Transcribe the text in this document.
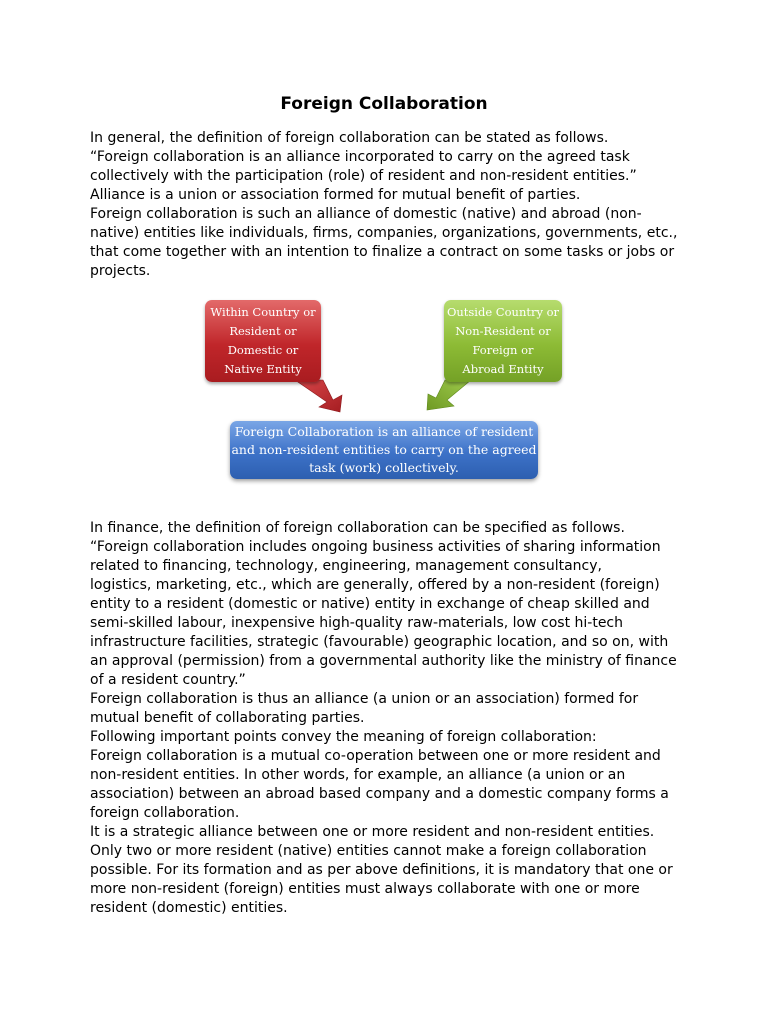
Foreign Collaboration
In general, the definition of foreign collaboration can be stated as follows.
“Foreign collaboration is an alliance incorporated to carry on the agreed task
collectively with the participation (role) of resident and non-resident entities.”
Alliance is a union or association formed for mutual benefit of parties.
Foreign collaboration is such an alliance of domestic (native) and abroad (non-
native) entities like individuals, firms, companies, organizations, governments, etc.,
that come together with an intention to finalize a contract on some tasks or jobs or
projects.
Within Country or
Resident or
Domestic or
Native Entity
Outside Country or
Non-Resident or
Foreign or
Abroad Entity
Foreign Collaboration is an alliance of resident
and non-resident entities to carry on the agreed
task (work) collectively.
In finance, the definition of foreign collaboration can be specified as follows.
“Foreign collaboration includes ongoing business activities of sharing information
related to financing, technology, engineering, management consultancy,
logistics, marketing, etc., which are generally, offered by a non-resident (foreign)
entity to a resident (domestic or native) entity in exchange of cheap skilled and
semi-skilled labour, inexpensive high-quality raw-materials, low cost hi-tech
infrastructure facilities, strategic (favourable) geographic location, and so on, with
an approval (permission) from a governmental authority like the ministry of finance
of a resident country.”
Foreign collaboration is thus an alliance (a union or an association) formed for
mutual benefit of collaborating parties.
Following important points convey the meaning of foreign collaboration:
Foreign collaboration is a mutual co-operation between one or more resident and
non-resident entities. In other words, for example, an alliance (a union or an
association) between an abroad based company and a domestic company forms a
foreign collaboration.
It is a strategic alliance between one or more resident and non-resident entities.
Only two or more resident (native) entities cannot make a foreign collaboration
possible. For its formation and as per above definitions, it is mandatory that one or
more non-resident (foreign) entities must always collaborate with one or more
resident (domestic) entities.
